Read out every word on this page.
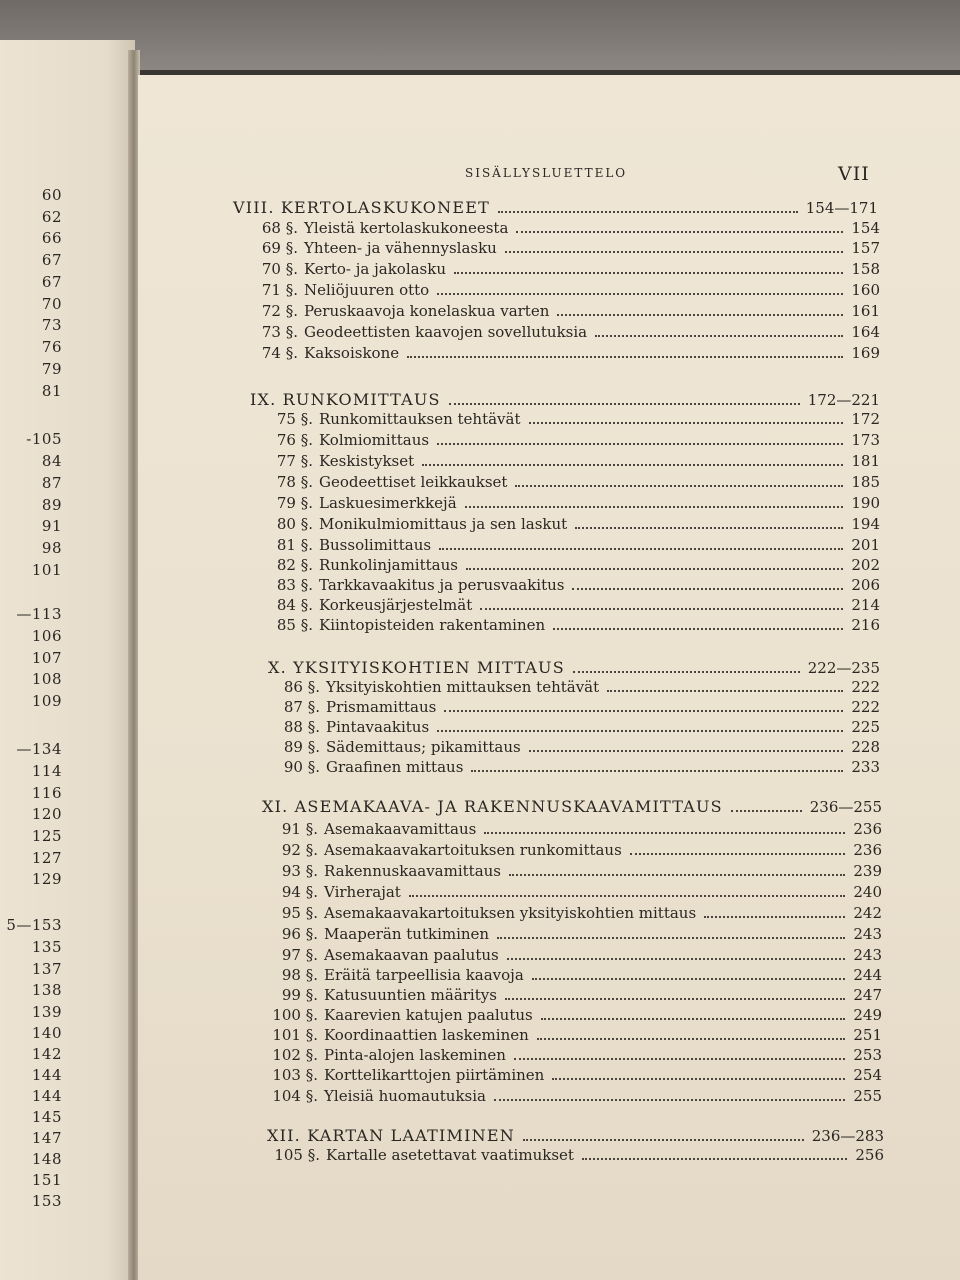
60
62
66
67
67
70
73
76
79
81
-105
84
87
89
91
98
101
—113
106
107
108
109
—134
114
116
120
125
127
129
5—153
135
137
138
139
140
142
144
144
145
147
148
151
153
SISÄLLYSLUETTELO	VII
VIII. KERTOLASKUKONEET	154—171
68 §. Yleistä kertolaskukoneesta	154
69 §. Yhteen- ja vähennyslasku	157
70 §. Kerto- ja jakolasku	158
71 §. Neliöjuuren otto	160
72 §. Peruskaavoja konelaskua varten	161
73 §. Geodeettisten kaavojen sovellutuksia	164
74 §. Kaksoiskone	169
IX. RUNKOMITTAUS	172—221
75 §. Runkomittauksen tehtävät	172
76 §. Kolmiomittaus	173
77 §. Keskistykset	181
78 §. Geodeettiset leikkaukset	185
79 §. Laskuesimerkkejä	190
80 §. Monikulmiomittaus ja sen laskut	194
81 §. Bussolimittaus	201
82 §. Runkolinjamittaus	202
83 §. Tarkkavaakitus ja perusvaakitus	206
84 §. Korkeusjärjestelmät	214
85 §. Kiintopisteiden rakentaminen	216
X. YKSITYISKOHTIEN MITTAUS	222—235
86 §. Yksityiskohtien mittauksen tehtävät	222
87 §. Prismamittaus	222
88 §. Pintavaakitus	225
89 §. Sädemittaus; pikamittaus	228
90 §. Graafinen mittaus	233
XI. ASEMAKAAVA- JA RAKENNUSKAAVAMITTAUS	236—255
91 §. Asemakaavamittaus	236
92 §. Asemakaavakartoituksen runkomittaus	236
93 §. Rakennuskaavamittaus	239
94 §. Virherajat	240
95 §. Asemakaavakartoituksen yksityiskohtien mittaus	242
96 §. Maaperän tutkiminen	243
97 §. Asemakaavan paalutus	243
98 §. Eräitä tarpeellisia kaavoja	244
99 §. Katusuuntien määritys	247
100 §. Kaarevien katujen paalutus	249
101 §. Koordinaattien laskeminen	251
102 §. Pinta-alojen laskeminen	253
103 §. Korttelikarttojen piirtäminen	254
104 §. Yleisiä huomautuksia	255
XII. KARTAN LAATIMINEN	236—283
105 §. Kartalle asetettavat vaatimukset	256
